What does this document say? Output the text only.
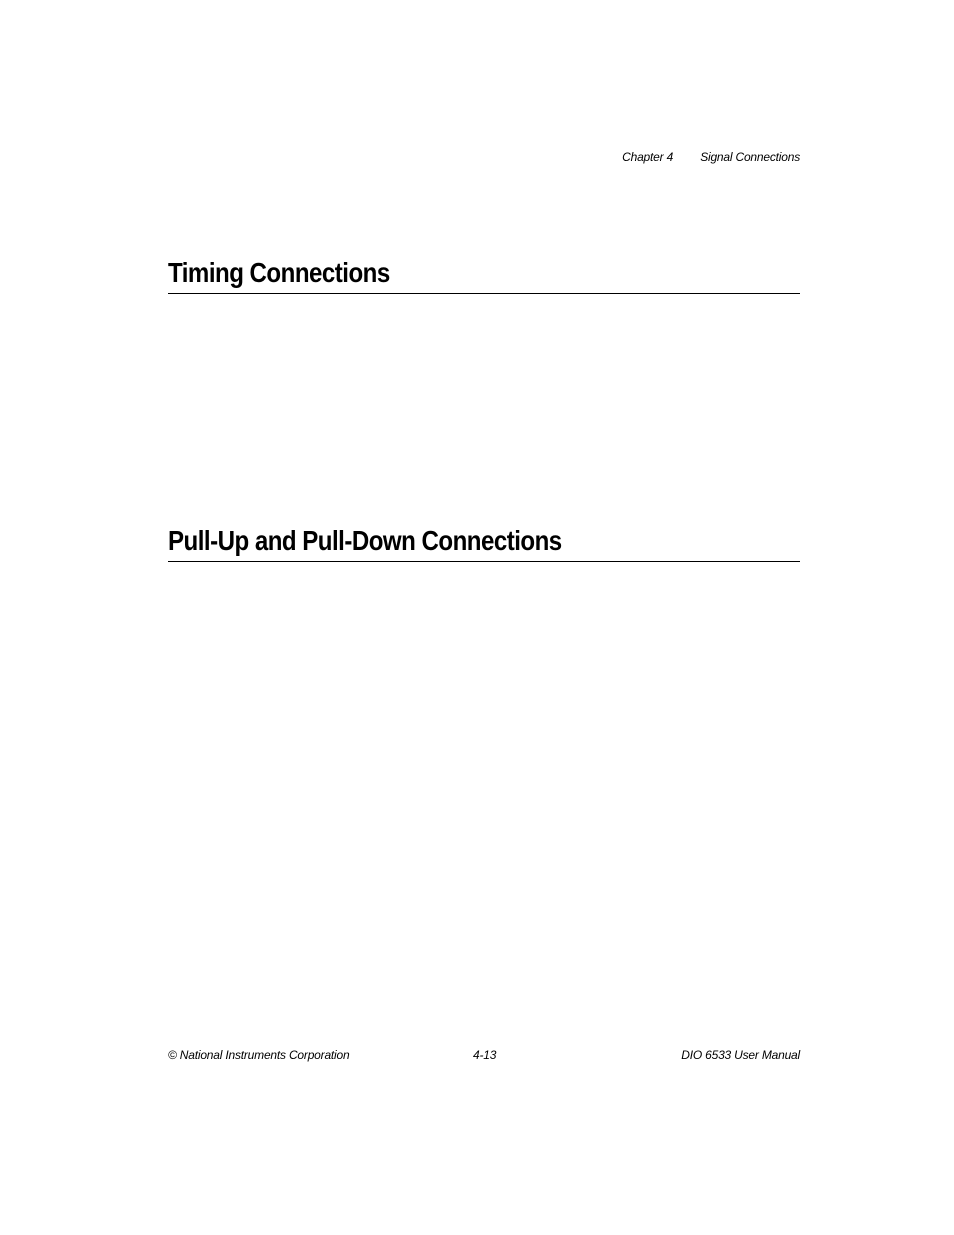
Chapter 4 Signal Connections
Timing Connections
Pull-Up and Pull-Down Connections
© National Instruments Corporation	4-13	DIO 6533 User Manual
